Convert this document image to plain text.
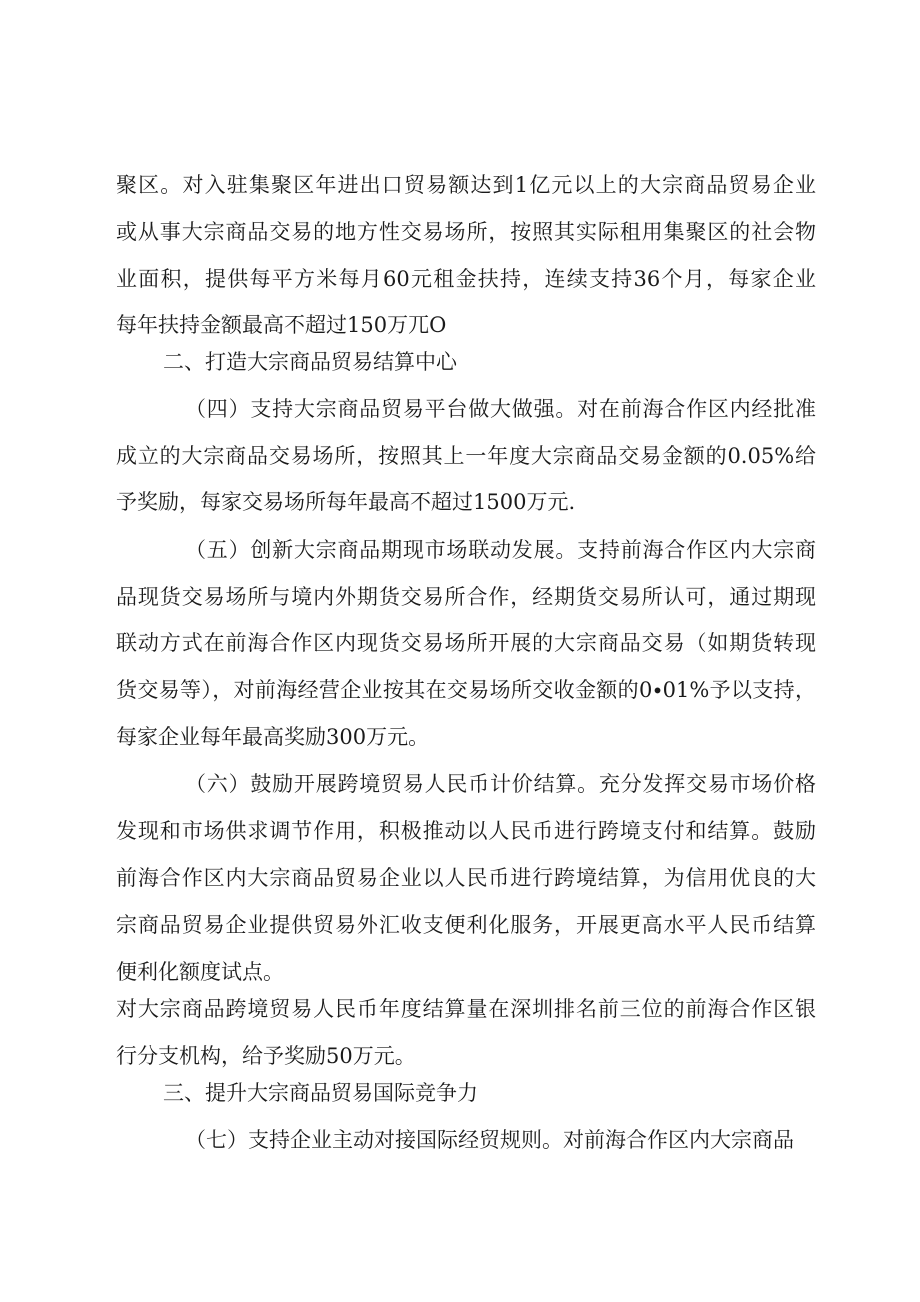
聚区。对入驻集聚区年进出口贸易额达到1亿元以上的大宗商品贸易企业
或从事大宗商品交易的地方性交易场所，按照其实际租用集聚区的社会物
业面积，提供每平方米每月60元租金扶持，连续支持36个月，每家企业
每年扶持金额最高不超过150万兀O
二、打造大宗商品贸易结算中心
（四）支持大宗商品贸易平台做大做强。对在前海合作区内经批准
成立的大宗商品交易场所，按照其上一年度大宗商品交易金额的0.05%给
予奖励，每家交易场所每年最高不超过1500万元.
（五）创新大宗商品期现市场联动发展。支持前海合作区内大宗商
品现货交易场所与境内外期货交易所合作，经期货交易所认可，通过期现
联动方式在前海合作区内现货交易场所开展的大宗商品交易（如期货转现
货交易等），对前海经营企业按其在交易场所交收金额的0∙01%予以支持，
每家企业每年最高奖励300万元。
（六）鼓励开展跨境贸易人民币计价结算。充分发挥交易市场价格
发现和市场供求调节作用，积极推动以人民币进行跨境支付和结算。鼓励
前海合作区内大宗商品贸易企业以人民币进行跨境结算，为信用优良的大
宗商品贸易企业提供贸易外汇收支便利化服务，开展更高水平人民币结算
便利化额度试点。
对大宗商品跨境贸易人民币年度结算量在深圳排名前三位的前海合作区银
行分支机构，给予奖励50万元。
三、提升大宗商品贸易国际竞争力
（七）支持企业主动对接国际经贸规则。对前海合作区内大宗商品
